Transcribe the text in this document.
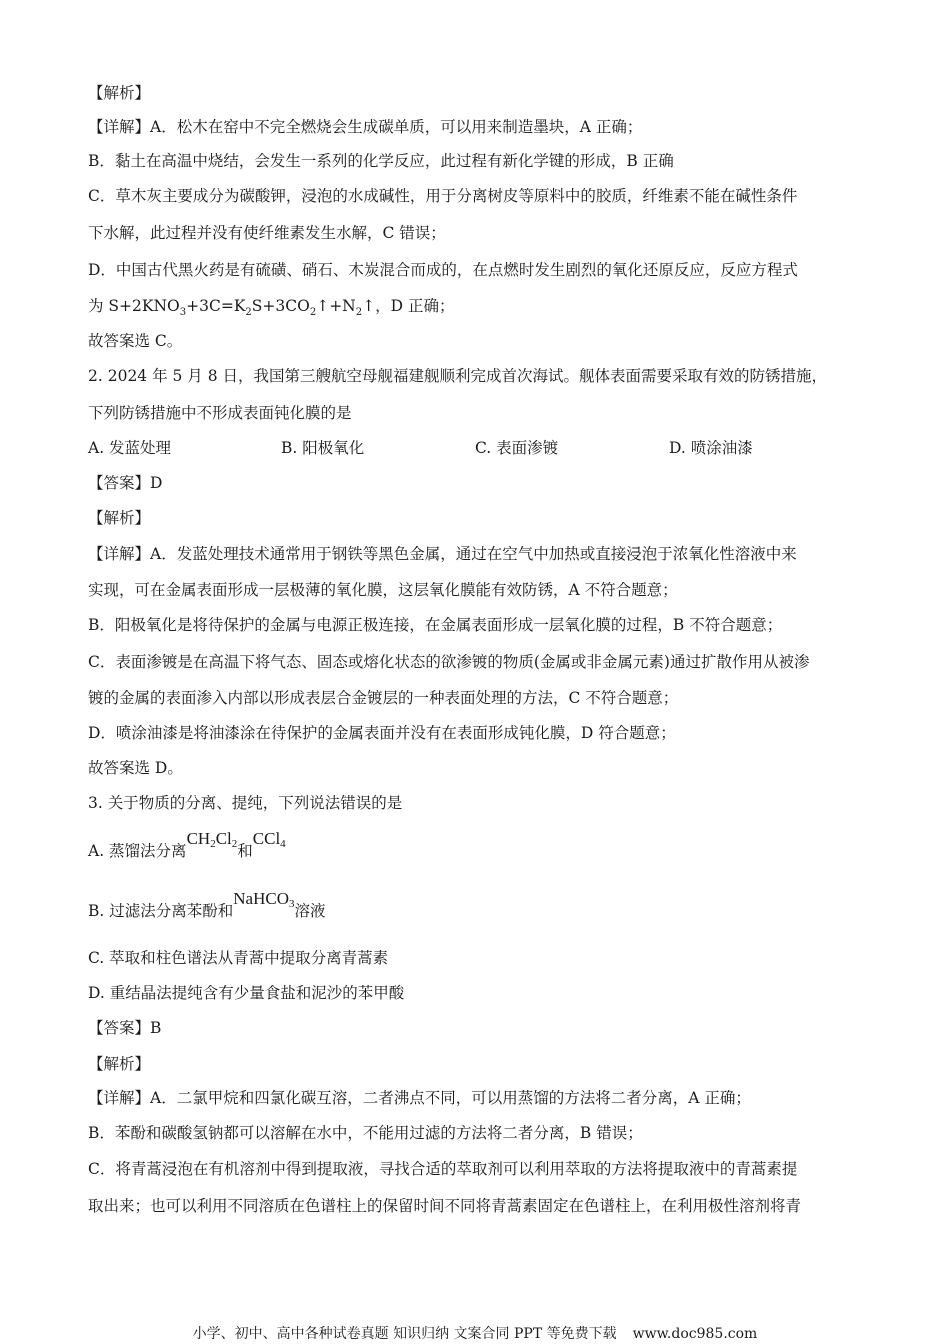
【解析】
【详解】A．松木在窑中不完全燃烧会生成碳单质，可以用来制造墨块，A 正确；
B．黏土在高温中烧结，会发生一系列的化学反应，此过程有新化学键的形成，B 正确
C．草木灰主要成分为碳酸钾，浸泡的水成碱性，用于分离树皮等原料中的胶质，纤维素不能在碱性条件
下水解，此过程并没有使纤维素发生水解，C 错误；
D．中国古代黑火药是有硫磺、硝石、木炭混合而成的，在点燃时发生剧烈的氧化还原反应，反应方程式
为 $S+2KNO_3+3C=K_2S+3CO_2↑+N_2↑$，D 正确；
故答案选 C。
2. 2024 年 5 月 8 日，我国第三艘航空母舰福建舰顺利完成首次海试。舰体表面需要采取有效的防锈措施，
下列防锈措施中不形成表面钝化膜的是
A. 发蓝处理	B. 阳极氧化	C. 表面渗镀	D. 喷涂油漆
【答案】D
【解析】
【详解】A．发蓝处理技术通常用于钢铁等黑色金属，通过在空气中加热或直接浸泡于浓氧化性溶液中来
实现，可在金属表面形成一层极薄的氧化膜，这层氧化膜能有效防锈，A 不符合题意；
B．阳极氧化是将待保护的金属与电源正极连接，在金属表面形成一层氧化膜的过程，B 不符合题意；
C．表面渗镀是在高温下将气态、固态或熔化状态的欲渗镀的物质(金属或非金属元素)通过扩散作用从被渗
镀的金属的表面渗入内部以形成表层合金镀层的一种表面处理的方法，C 不符合题意；
D．喷涂油漆是将油漆涂在待保护的金属表面并没有在表面形成钝化膜，D 符合题意；
故答案选 D。
3. 关于物质的分离、提纯，下列说法错误的是
A. 蒸馏法分离$CH_2Cl_2$和CCl$_4$
B. 过滤法分离苯酚和NaHCO$_3$溶液
C. 萃取和柱色谱法从青蒿中提取分离青蒿素
D. 重结晶法提纯含有少量食盐和泥沙的苯甲酸
【答案】B
【解析】
【详解】A．二氯甲烷和四氯化碳互溶，二者沸点不同，可以用蒸馏的方法将二者分离，A 正确；
B．苯酚和碳酸氢钠都可以溶解在水中，不能用过滤的方法将二者分离，B 错误；
C．将青蒿浸泡在有机溶剂中得到提取液，寻找合适的萃取剂可以利用萃取的方法将提取液中的青蒿素提
取出来；也可以利用不同溶质在色谱柱上的保留时间不同将青蒿素固定在色谱柱上，在利用极性溶剂将青
小学、初中、高中各种试卷真题 知识归纳 文案合同 PPT 等免费下载 www.doc985.com
